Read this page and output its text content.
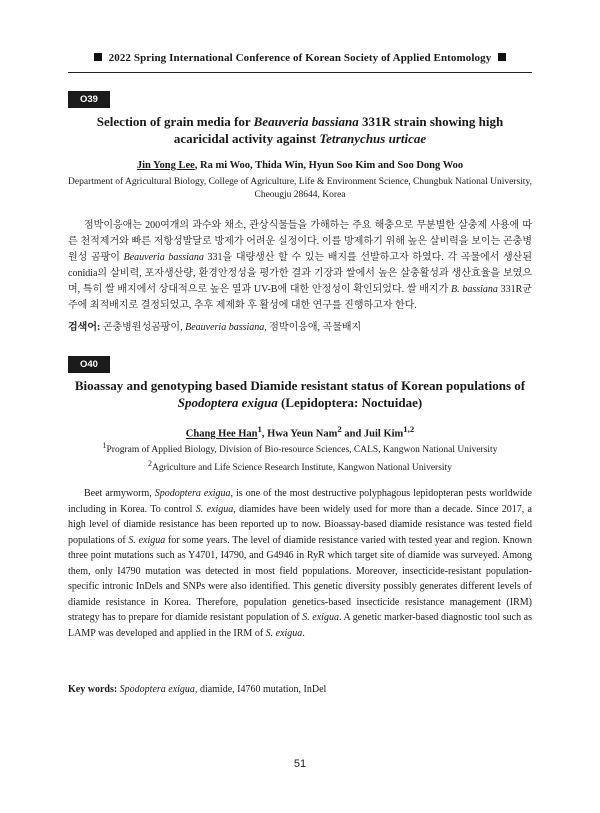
2022 Spring International Conference of Korean Society of Applied Entomology
O39
Selection of grain media for Beauveria bassiana 331R strain showing high acaricidal activity against Tetranychus urticae
Jin Yong Lee, Ra mi Woo, Thida Win, Hyun Soo Kim and Soo Dong Woo
Department of Agricultural Biology, College of Agriculture, Life & Environment Science, Chungbuk National University, Cheougju 28644, Korea
점박이응애는 200여개의 과수와 채소, 관상식물들을 가해하는 주요 해충으로 무분별한 살충제 사용에 따른 천적제거와 빠른 저항성발달로 방제가 어려운 실정이다. 이를 방제하기 위해 높은 살비력을 보이는 곤충병원성 곰팡이 Beauveria bassiana 331을 대량생산 할 수 있는 배지를 선발하고자 하였다. 각 곡물에서 생산된 conidia의 살비력, 포자생산량, 환경안정성을 평가한 결과 기장과 쌀에서 높은 살충활성과 생산효율을 보였으며, 특히 쌀 배지에서 상대적으로 높은 열과 UV-B에 대한 안정성이 확인되었다. 쌀 배지가 B. bassiana 331R균주에 최적배지로 결정되었고, 추후 제제화 후 활성에 대한 연구를 진행하고자 한다.
검색어: 곤충병원성곰팡이, Beauveria bassiana, 점박이응애, 곡물배지
O40
Bioassay and genotyping based Diamide resistant status of Korean populations of Spodoptera exigua (Lepidoptera: Noctuidae)
Chang Hee Han$^1$, Hwa Yeun Nam$^2$ and Juil Kim$^{1,2}$
$^1$Program of Applied Biology, Division of Bio-resource Sciences, CALS, Kangwon National University
$^2$Agriculture and Life Science Research Institute, Kangwon National University
Beet armyworm, Spodoptera exigua, is one of the most destructive polyphagous lepidopteran pests worldwide including in Korea. To control S. exigua, diamides have been widely used for more than a decade. Since 2017, a high level of diamide resistance has been reported up to now. Bioassay-based diamide resistance was tested field populations of S. exigua for some years. The level of diamide resistance varied with tested year and region. Known three point mutations such as Y4701, I4790, and G4946 in RyR which target site of diamide was surveyed. Among them, only I4790 mutation was detected in most field populations. Moreover, insecticide-resistant population-specific intronic InDels and SNPs were also identified. This genetic diversity possibly generates different levels of diamide resistance in Korea. Therefore, population genetics-based insecticide resistance management (IRM) strategy has to prepare for diamide resistant population of S. exigua. A genetic marker-based diagnostic tool such as LAMP was developed and applied in the IRM of S. exigua.
Key words: Spodoptera exigua, diamide, I4760 mutation, InDel
51
